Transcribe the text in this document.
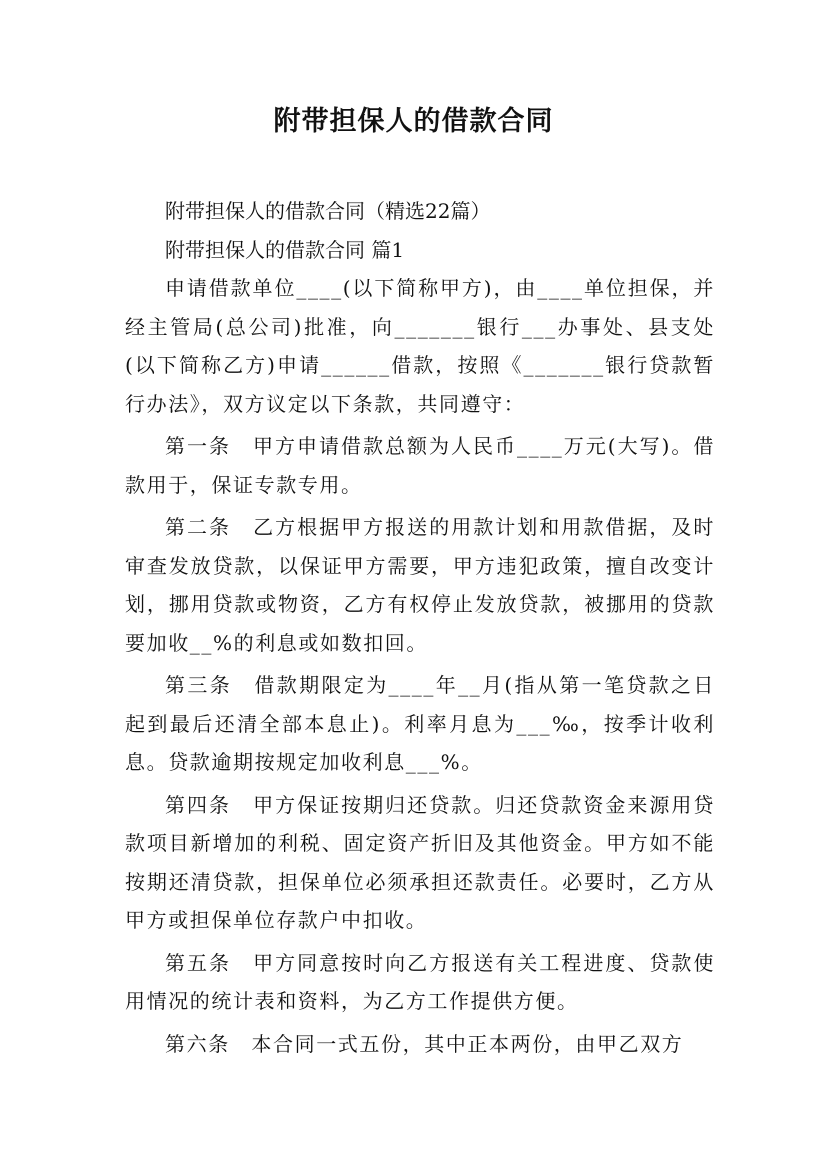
附带担保人的借款合同

附带担保人的借款合同（精选22篇）

附带担保人的借款合同 篇1

申请借款单位____(以下简称甲方)，由____单位担保，并经主管局(总公司)批准，向_______银行___办事处、县支处(以下简称乙方)申请______借款，按照《_______银行贷款暂行办法》，双方议定以下条款，共同遵守：

第一条　甲方申请借款总额为人民币____万元(大写)。借款用于，保证专款专用。

第二条　乙方根据甲方报送的用款计划和用款借据，及时审查发放贷款，以保证甲方需要，甲方违犯政策，擅自改变计划，挪用贷款或物资，乙方有权停止发放贷款，被挪用的贷款要加收__%的利息或如数扣回。

第三条　借款期限定为____年__月(指从第一笔贷款之日起到最后还清全部本息止)。利率月息为___‰，按季计收利息。贷款逾期按规定加收利息___%。

第四条　甲方保证按期归还贷款。归还贷款资金来源用贷款项目新增加的利税、固定资产折旧及其他资金。甲方如不能按期还清贷款，担保单位必须承担还款责任。必要时，乙方从甲方或担保单位存款户中扣收。

第五条　甲方同意按时向乙方报送有关工程进度、贷款使用情况的统计表和资料，为乙方工作提供方便。

第六条　本合同一式五份，其中正本两份，由甲乙双方
